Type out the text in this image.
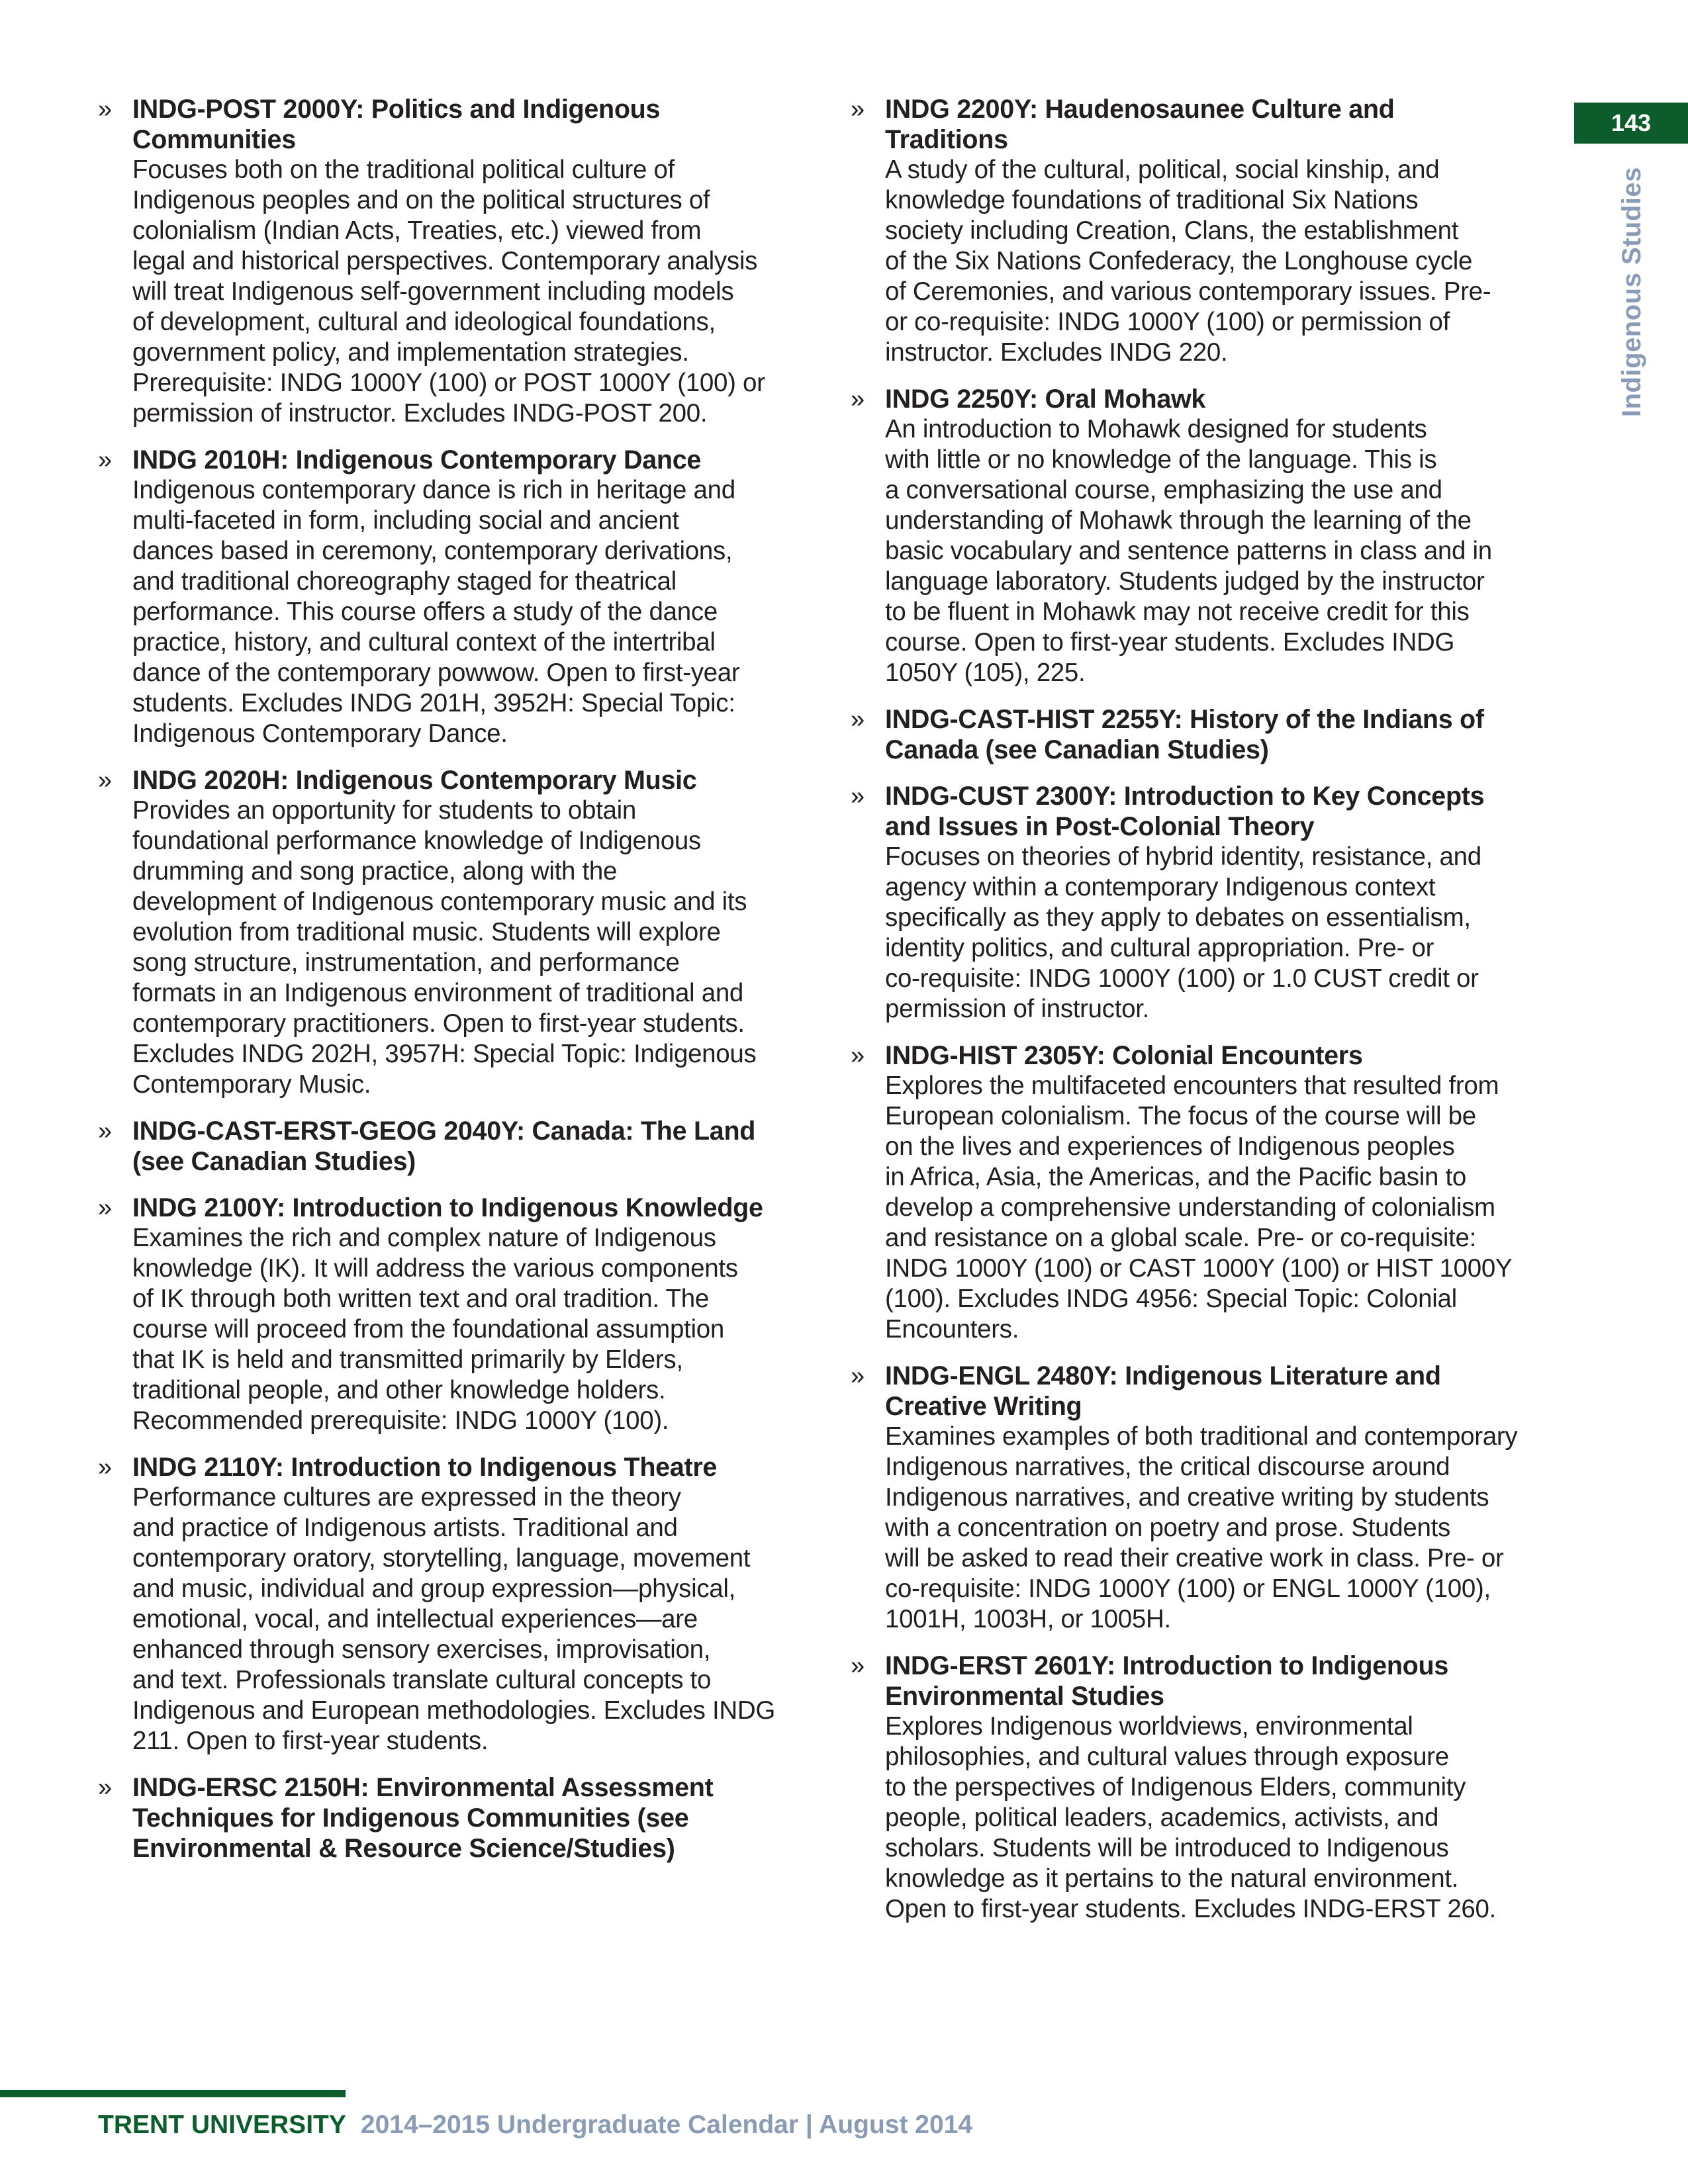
143
Indigenous Studies
» INDG-POST 2000Y: Politics and Indigenous
Communities
Focuses both on the traditional political culture of
Indigenous peoples and on the political structures of
colonialism (Indian Acts, Treaties, etc.) viewed from
legal and historical perspectives. Contemporary analysis
will treat Indigenous self-government including models
of development, cultural and ideological foundations,
government policy, and implementation strategies.
Prerequisite: INDG 1000Y (100) or POST 1000Y (100) or
permission of instructor. Excludes INDG-POST 200.
» INDG 2010H: Indigenous Contemporary Dance
Indigenous contemporary dance is rich in heritage and
multi-faceted in form, including social and ancient
dances based in ceremony, contemporary derivations,
and traditional choreography staged for theatrical
performance. This course offers a study of the dance
practice, history, and cultural context of the intertribal
dance of the contemporary powwow. Open to first-year
students. Excludes INDG 201H, 3952H: Special Topic:
Indigenous Contemporary Dance.
» INDG 2020H: Indigenous Contemporary Music
Provides an opportunity for students to obtain
foundational performance knowledge of Indigenous
drumming and song practice, along with the
development of Indigenous contemporary music and its
evolution from traditional music. Students will explore
song structure, instrumentation, and performance
formats in an Indigenous environment of traditional and
contemporary practitioners. Open to first-year students.
Excludes INDG 202H, 3957H: Special Topic: Indigenous
Contemporary Music.
» INDG-CAST-ERST-GEOG 2040Y: Canada: The Land
(see Canadian Studies)
» INDG 2100Y: Introduction to Indigenous Knowledge
Examines the rich and complex nature of Indigenous
knowledge (IK). It will address the various components
of IK through both written text and oral tradition. The
course will proceed from the foundational assumption
that IK is held and transmitted primarily by Elders,
traditional people, and other knowledge holders.
Recommended prerequisite: INDG 1000Y (100).
» INDG 2110Y: Introduction to Indigenous Theatre
Performance cultures are expressed in the theory
and practice of Indigenous artists. Traditional and
contemporary oratory, storytelling, language, movement
and music, individual and group expression—physical,
emotional, vocal, and intellectual experiences—are
enhanced through sensory exercises, improvisation,
and text. Professionals translate cultural concepts to
Indigenous and European methodologies. Excludes INDG
211. Open to first-year students.
» INDG-ERSC 2150H: Environmental Assessment
Techniques for Indigenous Communities (see
Environmental & Resource Science/Studies)
» INDG 2200Y: Haudenosaunee Culture and
Traditions
A study of the cultural, political, social kinship, and
knowledge foundations of traditional Six Nations
society including Creation, Clans, the establishment
of the Six Nations Confederacy, the Longhouse cycle
of Ceremonies, and various contemporary issues. Pre-
or co-requisite: INDG 1000Y (100) or permission of
instructor. Excludes INDG 220.
» INDG 2250Y: Oral Mohawk
An introduction to Mohawk designed for students
with little or no knowledge of the language. This is
a conversational course, emphasizing the use and
understanding of Mohawk through the learning of the
basic vocabulary and sentence patterns in class and in
language laboratory. Students judged by the instructor
to be fluent in Mohawk may not receive credit for this
course. Open to first-year students. Excludes INDG
1050Y (105), 225.
» INDG-CAST-HIST 2255Y: History of the Indians of
Canada (see Canadian Studies)
» INDG-CUST 2300Y: Introduction to Key Concepts
and Issues in Post-Colonial Theory
Focuses on theories of hybrid identity, resistance, and
agency within a contemporary Indigenous context
specifically as they apply to debates on essentialism,
identity politics, and cultural appropriation. Pre- or
co-requisite: INDG 1000Y (100) or 1.0 CUST credit or
permission of instructor.
» INDG-HIST 2305Y: Colonial Encounters
Explores the multifaceted encounters that resulted from
European colonialism. The focus of the course will be
on the lives and experiences of Indigenous peoples
in Africa, Asia, the Americas, and the Pacific basin to
develop a comprehensive understanding of colonialism
and resistance on a global scale. Pre- or co-requisite:
INDG 1000Y (100) or CAST 1000Y (100) or HIST 1000Y
(100). Excludes INDG 4956: Special Topic: Colonial
Encounters.
» INDG-ENGL 2480Y: Indigenous Literature and
Creative Writing
Examines examples of both traditional and contemporary
Indigenous narratives, the critical discourse around
Indigenous narratives, and creative writing by students
with a concentration on poetry and prose. Students
will be asked to read their creative work in class. Pre- or
co-requisite: INDG 1000Y (100) or ENGL 1000Y (100),
1001H, 1003H, or 1005H.
» INDG-ERST 2601Y: Introduction to Indigenous
Environmental Studies
Explores Indigenous worldviews, environmental
philosophies, and cultural values through exposure
to the perspectives of Indigenous Elders, community
people, political leaders, academics, activists, and
scholars. Students will be introduced to Indigenous
knowledge as it pertains to the natural environment.
Open to first-year students. Excludes INDG-ERST 260.
TRENT UNIVERSITY 2014–2015 Undergraduate Calendar | August 2014
